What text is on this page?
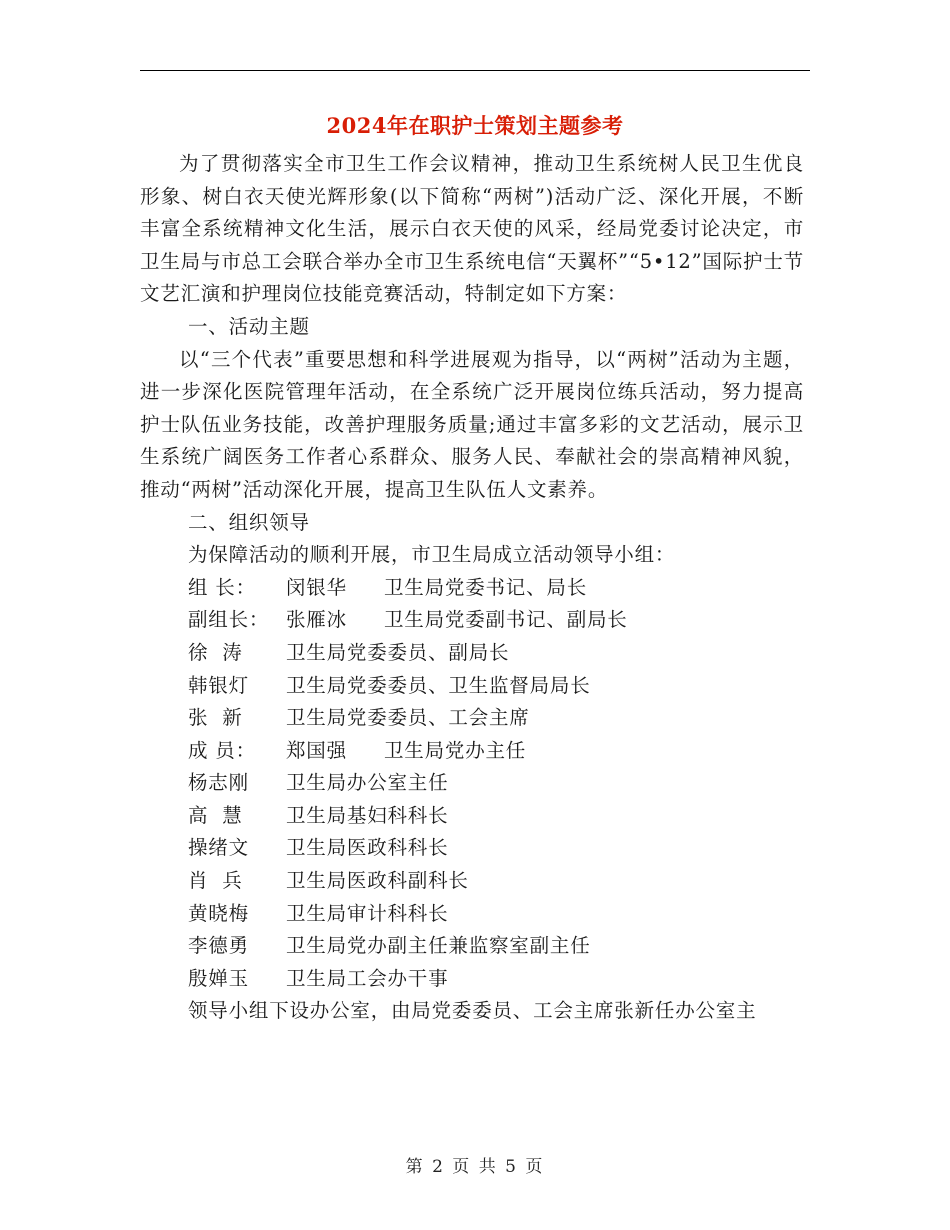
2024年在职护士策划主题参考

为了贯彻落实全市卫生工作会议精神，推动卫生系统树人民卫生优良形象、树白衣天使光辉形象(以下简称“两树”)活动广泛、深化开展，不断丰富全系统精神文化生活，展示白衣天使的风采，经局党委讨论决定，市卫生局与市总工会联合举办全市卫生系统电信“天翼杯”“5•12”国际护士节文艺汇演和护理岗位技能竞赛活动，特制定如下方案：

一、活动主题

以“三个代表”重要思想和科学进展观为指导，以“两树”活动为主题，进一步深化医院管理年活动，在全系统广泛开展岗位练兵活动，努力提高护士队伍业务技能，改善护理服务质量;通过丰富多彩的文艺活动，展示卫生系统广阔医务工作者心系群众、服务人民、奉献社会的崇高精神风貌，推动“两树”活动深化开展，提高卫生队伍人文素养。

二、组织领导

为保障活动的顺利开展，市卫生局成立活动领导小组：

组 长：	闵银华	卫生局党委书记、局长
副组长： 张雁冰	卫生局党委副书记、副局长
徐  涛	卫生局党委委员、副局长
韩银灯	卫生局党委委员、卫生监督局局长
张  新	卫生局党委委员、工会主席
成 员：	郑国强	卫生局党办主任
杨志刚	卫生局办公室主任
高  慧	卫生局基妇科科长
操绪文	卫生局医政科科长
肖  兵	卫生局医政科副科长
黄晓梅	卫生局审计科科长
李德勇	卫生局党办副主任兼监察室副主任
殷婵玉	卫生局工会办干事

领导小组下设办公室，由局党委委员、工会主席张新任办公室主

第 2 页 共 5 页
